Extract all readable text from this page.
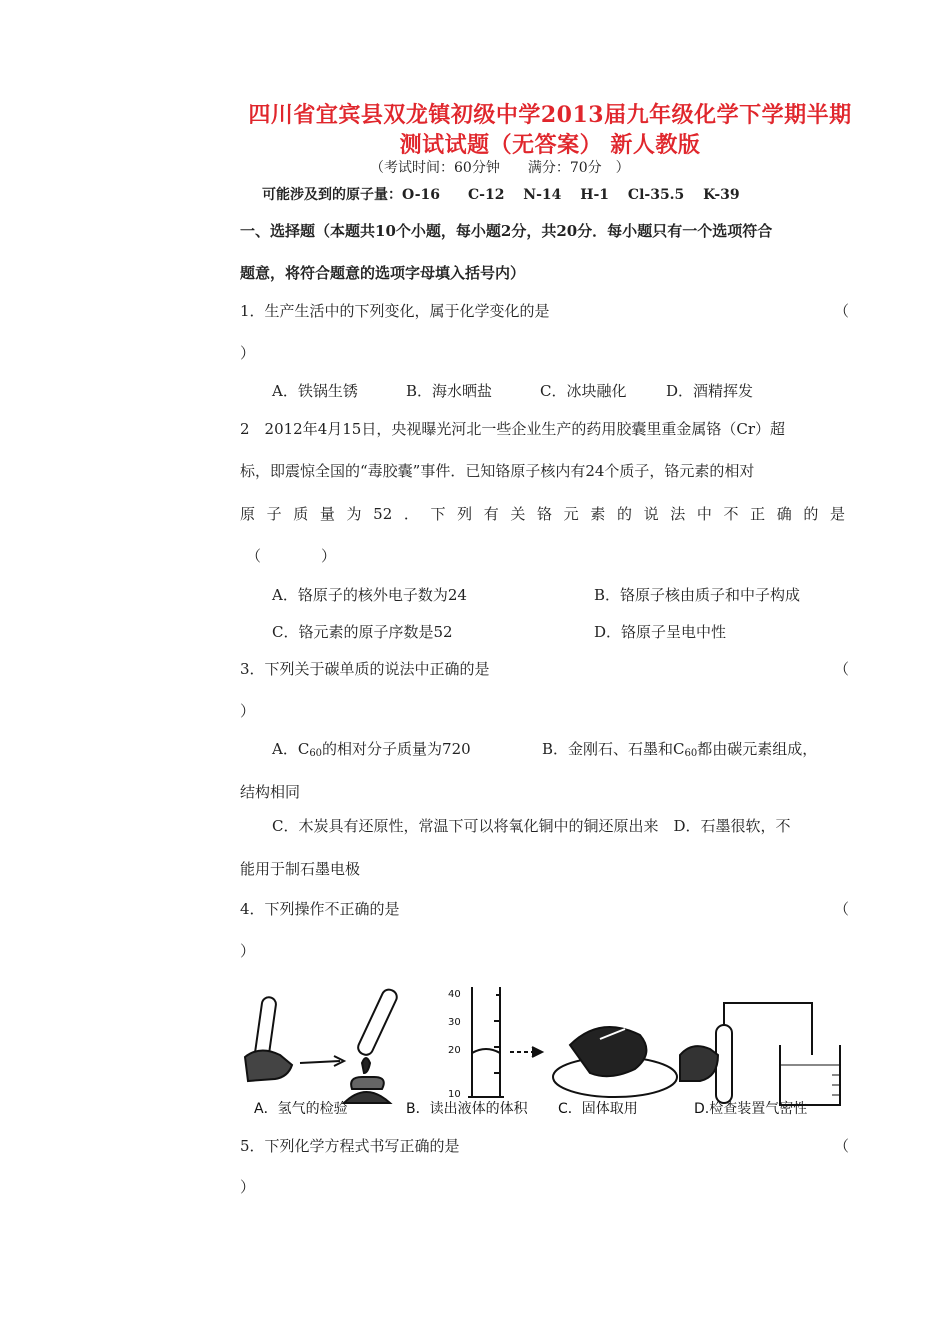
四川省宜宾县双龙镇初级中学2013届九年级化学下学期半期
测试试题（无答案） 新人教版
（考试时间：60分钟　　满分：70分　）
可能涉及到的原子量：O-16　　C-12　 N-14　 H-1　 Cl-35.5　 K-39
一、选择题（本题共10个小题，每小题2分，共20分．每小题只有一个选项符合
题意，将符合题意的选项字母填入括号内）
1．生产生活中的下列变化，属于化学变化的是	（
）
A．铁锅生锈	B．海水晒盐	C．冰块融化	D．酒精挥发
2　2012年4月15日，央视曝光河北一些企业生产的药用胶囊里重金属铬（Cr）超
标，即震惊全国的“毒胶囊”事件．已知铬原子核内有24个质子，铬元素的相对
原子质量为52．下列有关铬元素的说法中不正确的是
（　　　　）
A．铬原子的核外电子数为24	B．铬原子核由质子和中子构成
C．铬元素的原子序数是52	D．铬原子呈电中性
3．下列关于碳单质的说法中正确的是	（
）
A．$C_{60}$的相对分子质量为720	B．金刚石、石墨和$C_{60}$都由碳元素组成，
结构相同
C．木炭具有还原性，常温下可以将氧化铜中的铜还原出来　D．石墨很软，不
能用于制石墨电极
4．下列操作不正确的是	（
）
40
30
20
10
A．氢气的检验	B．读出液体的体积 C．固体取用	D.检查装置气密性
5．下列化学方程式书写正确的是	（
）
